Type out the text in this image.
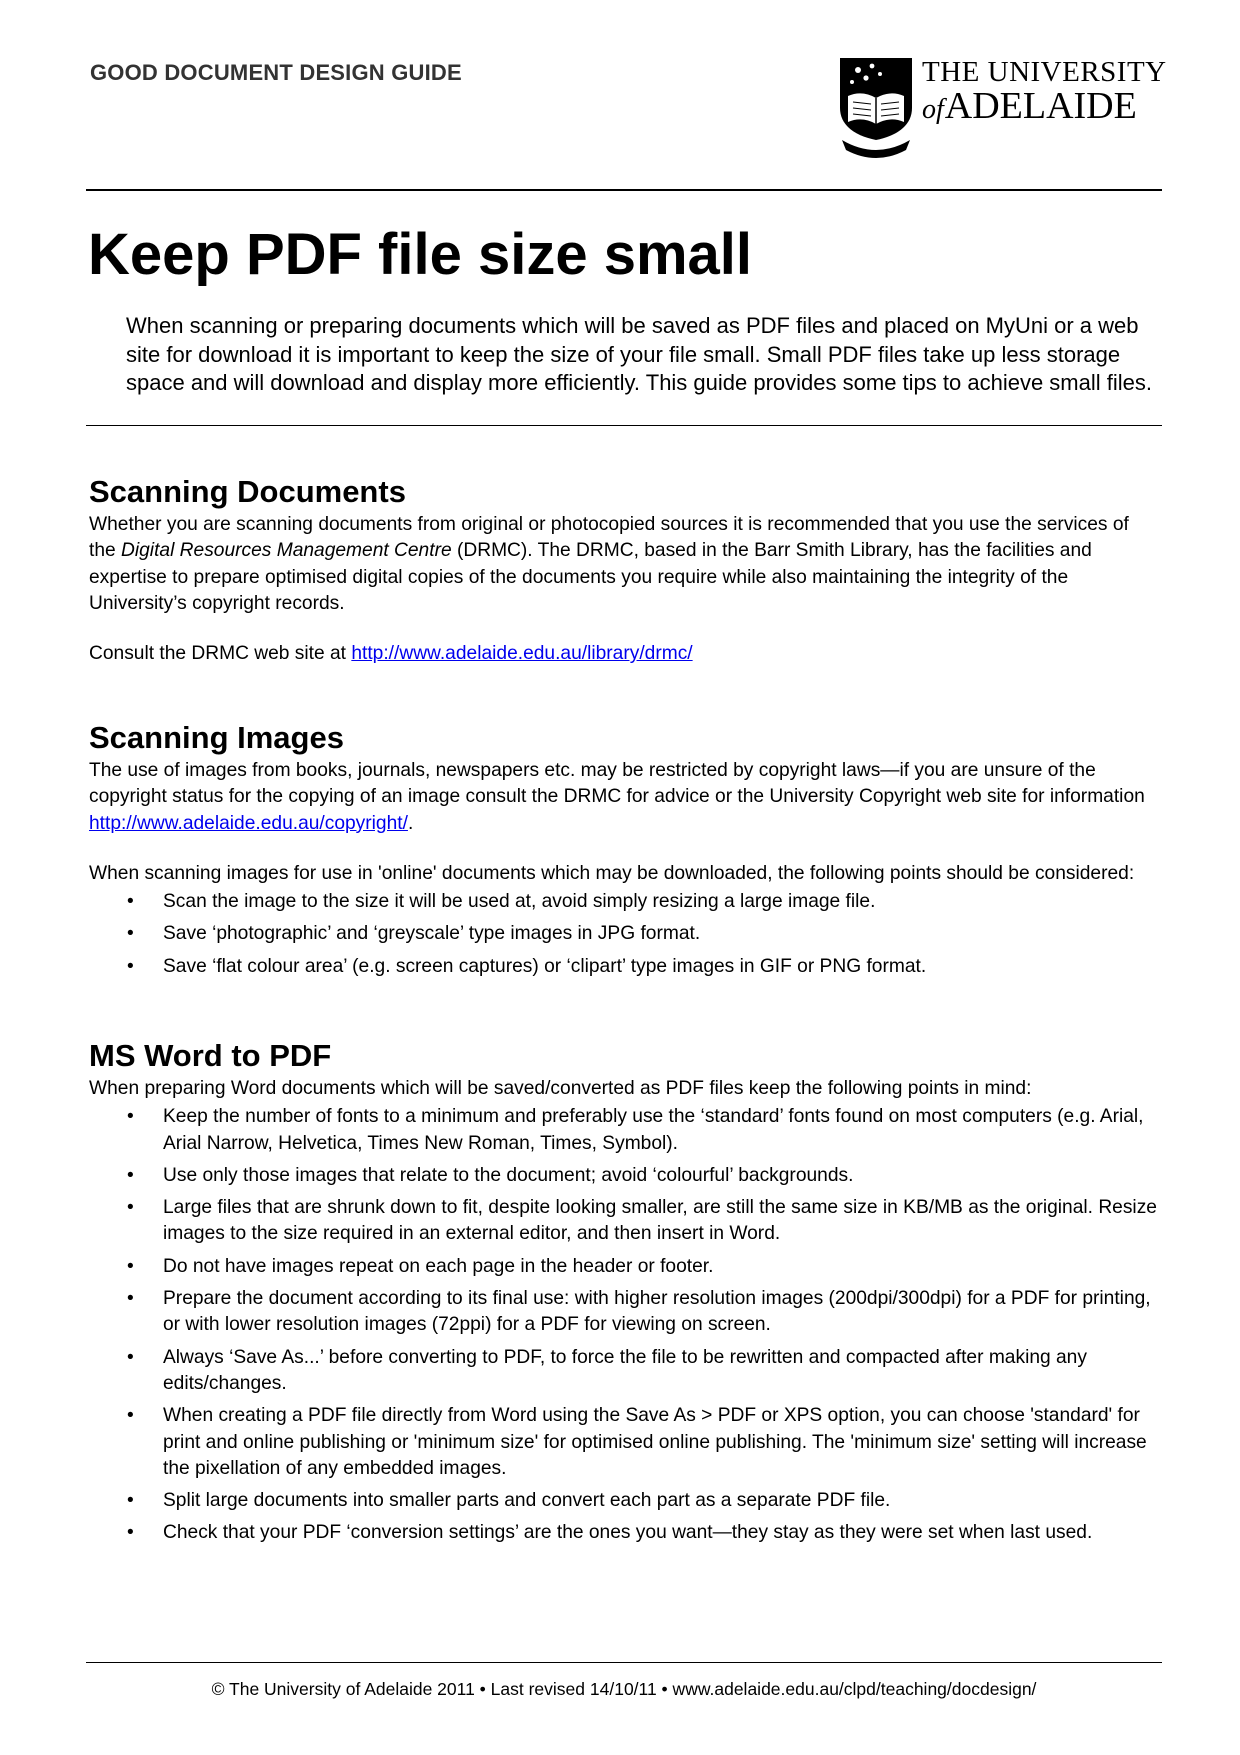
GOOD DOCUMENT DESIGN GUIDE	THE UNIVERSITY
ofADELAIDE
Keep PDF file size small
When scanning or preparing documents which will be saved as PDF files and placed on MyUni or a web site for download it is important to keep the size of your file small. Small PDF files take up less storage space and will download and display more efficiently. This guide provides some tips to achieve small files.
Scanning Documents

Whether you are scanning documents from original or photocopied sources it is recommended that you use the services of the Digital Resources Management Centre (DRMC). The DRMC, based in the Barr Smith Library, has the facilities and expertise to prepare optimised digital copies of the documents you require while also maintaining the integrity of the University’s copyright records.

Consult the DRMC web site at http://www.adelaide.edu.au/library/drmc/

Scanning Images

The use of images from books, journals, newspapers etc. may be restricted by copyright laws—if you are unsure of the copyright status for the copying of an image consult the DRMC for advice or the University Copyright web site for information http://www.adelaide.edu.au/copyright/.

When scanning images for use in 'online' documents which may be downloaded, the following points should be considered:

• Scan the image to the size it will be used at, avoid simply resizing a large image file.
• Save ‘photographic’ and ‘greyscale’ type images in JPG format.
• Save ‘flat colour area’ (e.g. screen captures) or ‘clipart’ type images in GIF or PNG format.
MS Word to PDF

When preparing Word documents which will be saved/converted as PDF files keep the following points in mind:

• Keep the number of fonts to a minimum and preferably use the ‘standard’ fonts found on most computers (e.g. Arial, Arial Narrow, Helvetica, Times New Roman, Times, Symbol).
• Use only those images that relate to the document; avoid ‘colourful’ backgrounds.
• Large files that are shrunk down to fit, despite looking smaller, are still the same size in KB/MB as the original. Resize images to the size required in an external editor, and then insert in Word.
• Do not have images repeat on each page in the header or footer.
• Prepare the document according to its final use: with higher resolution images (200dpi/300dpi) for a PDF for printing, or with lower resolution images (72ppi) for a PDF for viewing on screen.
• Always ‘Save As...’ before converting to PDF, to force the file to be rewritten and compacted after making any edits/changes.
• When creating a PDF file directly from Word using the Save As > PDF or XPS option, you can choose 'standard' for print and online publishing or 'minimum size' for optimised online publishing. The 'minimum size' setting will increase the pixellation of any embedded images.
• Split large documents into smaller parts and convert each part as a separate PDF file.
• Check that your PDF ‘conversion settings’ are the ones you want—they stay as they were set when last used.
© The University of Adelaide 2011 • Last revised 14/10/11 • www.adelaide.edu.au/clpd/teaching/docdesign/
